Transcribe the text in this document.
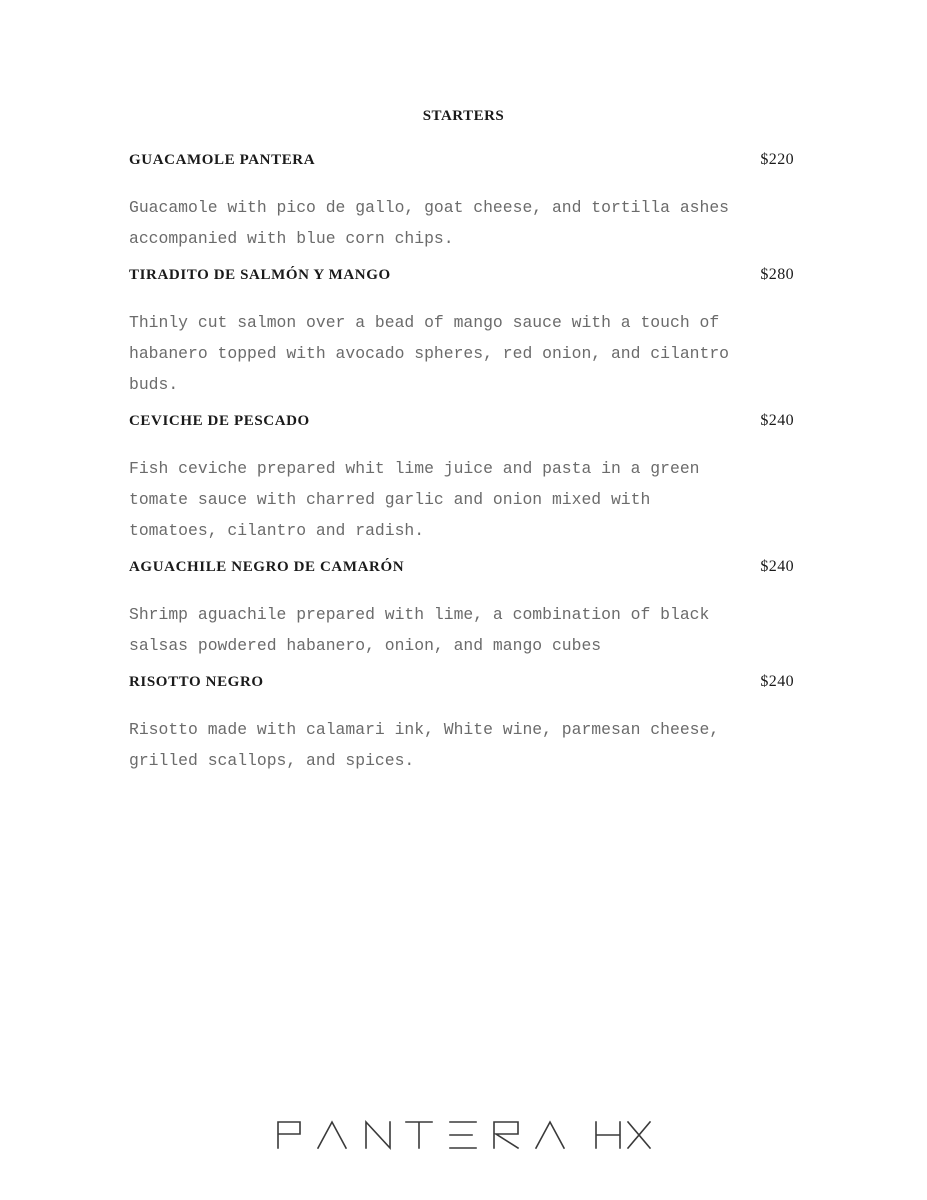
STARTERS
GUACAMOLE PANTERA	$220
Guacamole with pico de gallo, goat cheese, and tortilla ashes
accompanied with blue corn chips.
TIRADITO DE SALMÓN Y MANGO	$280
Thinly cut salmon over a bead of mango sauce with a touch of
habanero topped with avocado spheres, red onion, and cilantro
buds.
CEVICHE DE PESCADO	$240
Fish ceviche prepared whit lime juice and pasta in a green
tomate sauce with charred garlic and onion mixed with
tomatoes, cilantro and radish.
AGUACHILE NEGRO DE CAMARÓN	$240
Shrimp aguachile prepared with lime, a combination of black
salsas powdered habanero, onion, and mango cubes
RISOTTO NEGRO	$240
Risotto made with calamari ink, White wine, parmesan cheese,
grilled scallops, and spices.
